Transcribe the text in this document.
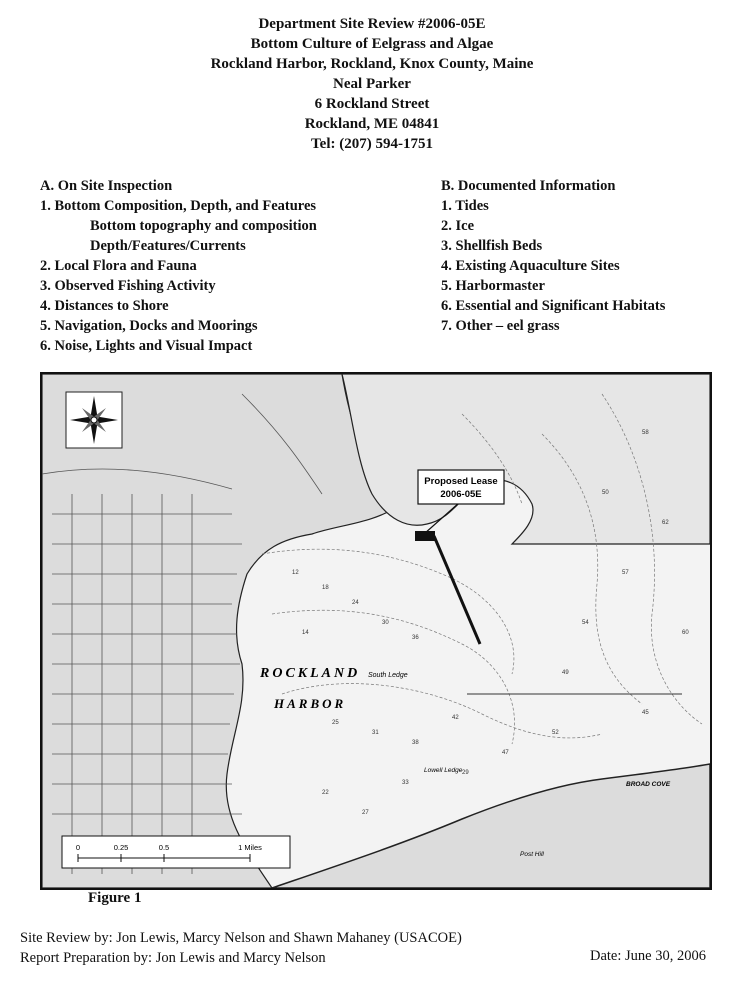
Department Site Review #2006-05E
Bottom Culture of Eelgrass and Algae
Rockland Harbor, Rockland, Knox County, Maine
Neal Parker
6 Rockland Street
Rockland, ME 04841
Tel: (207) 594-1751
A. On Site Inspection
1. Bottom Composition, Depth, and Features
Bottom topography and composition
Depth/Features/Currents
2. Local Flora and Fauna
3. Observed Fishing Activity
4. Distances to Shore
5. Navigation, Docks and Moorings
6. Noise, Lights and Visual Impact
B. Documented Information
1. Tides
2. Ice
3. Shellfish Beds
4. Existing Aquaculture Sites
5. Harbormaster
6. Essential and Significant Habitats
7. Other – eel grass
12
18
24
30
36
14
25
31
38
42
47
52
54
57
62
50
58
49
45
60
22
27
33
29
Proposed Lease
2006-05E
ROCKLAND
HARBOR
South Ledge
Lowell Ledge
BROAD COVE
Post Hill
0	0.25	0.5	1 Miles
Figure 1
Site Review by: Jon Lewis, Marcy Nelson and Shawn Mahaney (USACOE)
Report Preparation by: Jon Lewis and Marcy Nelson	Date: June 30, 2006
